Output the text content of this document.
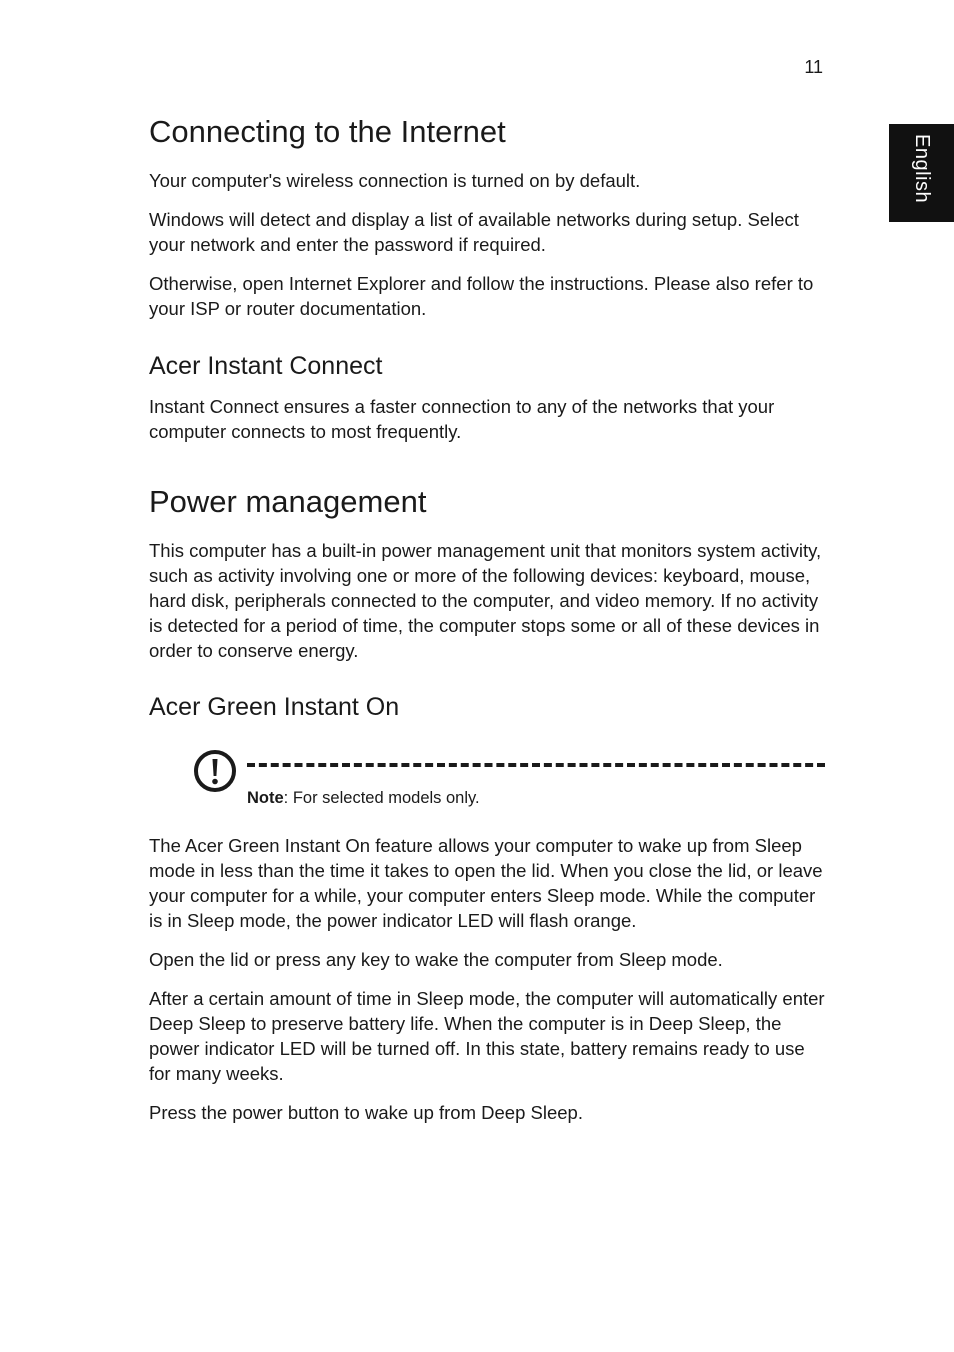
11
English
Connecting to the Internet

Your computer's wireless connection is turned on by default.

Windows will detect and display a list of available networks during setup. Select your network and enter the password if required.

Otherwise, open Internet Explorer and follow the instructions. Please also refer to your ISP or router documentation.

Acer Instant Connect

Instant Connect ensures a faster connection to any of the networks that your computer connects to most frequently.

Power management

This computer has a built-in power management unit that monitors system activity, such as activity involving one or more of the following devices: keyboard, mouse, hard disk, peripherals connected to the computer, and video memory. If no activity is detected for a period of time, the computer stops some or all of these devices in order to conserve energy.

Acer Green Instant On
Note: For selected models only.

The Acer Green Instant On feature allows your computer to wake up from Sleep mode in less than the time it takes to open the lid. When you close the lid, or leave your computer for a while, your computer enters Sleep mode. While the computer is in Sleep mode, the power indicator LED will flash orange.

Open the lid or press any key to wake the computer from Sleep mode.

After a certain amount of time in Sleep mode, the computer will automatically enter Deep Sleep to preserve battery life. When the computer is in Deep Sleep, the power indicator LED will be turned off. In this state, battery remains ready to use for many weeks.

Press the power button to wake up from Deep Sleep.
